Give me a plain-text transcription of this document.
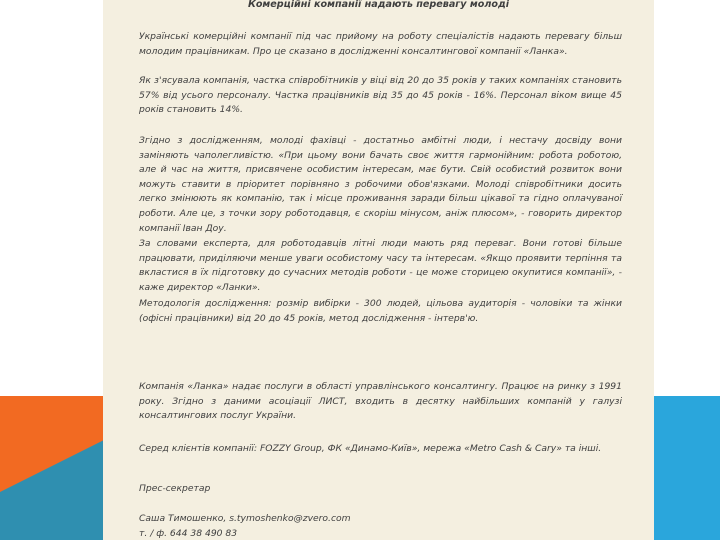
Комерційні компанії надають перевагу молоді

Українські комерційні компанії під час прийому на роботу спеціалістів надають перевагу більш молодим працівникам. Про це сказано в дослідженні консалтингової компанії «Ланка».

Як з'ясувала компанія, частка співробітників у віці від 20 до 35 років у таких компаніях становить 57% від усього персоналу. Частка працівників від 35 до 45 років - 16%. Персонал віком вище 45 років становить 14%.

Згідно з дослідженням, молоді фахівці - достатньо амбітні люди, і нестачу досвіду вони заміняють чаполегливістю. «При цьому вони бачать своє життя гармонійним: робота роботою, але й час на життя, присвячене особистим інтересам, має бути. Свій особистий розвиток вони можуть ставити в пріоритет порівняно з робочими обов'язками. Молоді співробітники досить легко змінюють як компанію, так і місце проживання заради більш цікавої та гідно оплачуваної роботи. Але це, з точки зору роботодавця, є скоріш мінусом, аніж плюсом», - говорить директор компанії Іван Доу.

За словами експерта, для роботодавців літні люди мають ряд переваг. Вони готові більше працювати, приділяючи менше уваги особистому часу та інтересам. «Якщо проявити терпіння та вкластися в їх підготовку до сучасних методів роботи - це може сторицею окупитися компанії», - каже директор «Ланки».

Методологія дослідження: розмір вибірки - 300 людей, цільова аудиторія - чоловіки та жінки (офісні працівники) від 20 до 45 років, метод дослідження - інтерв'ю.

Компанія «Ланка» надає послуги в області управлінського консалтингу. Працює на ринку з 1991 року. Згідно з даними асоціації ЛИСТ, входить в десятку найбільших компаній у галузі консалтингових послуг України.

Серед клієнтів компанії: FOZZY Group, ФК «Динамо-Київ», мережа «Metro Cash & Cary» та інші.

Прес-секретар

Саша Тимошенко, s.tymoshenko@zvero.com
т. / ф. 644 38 490 83
